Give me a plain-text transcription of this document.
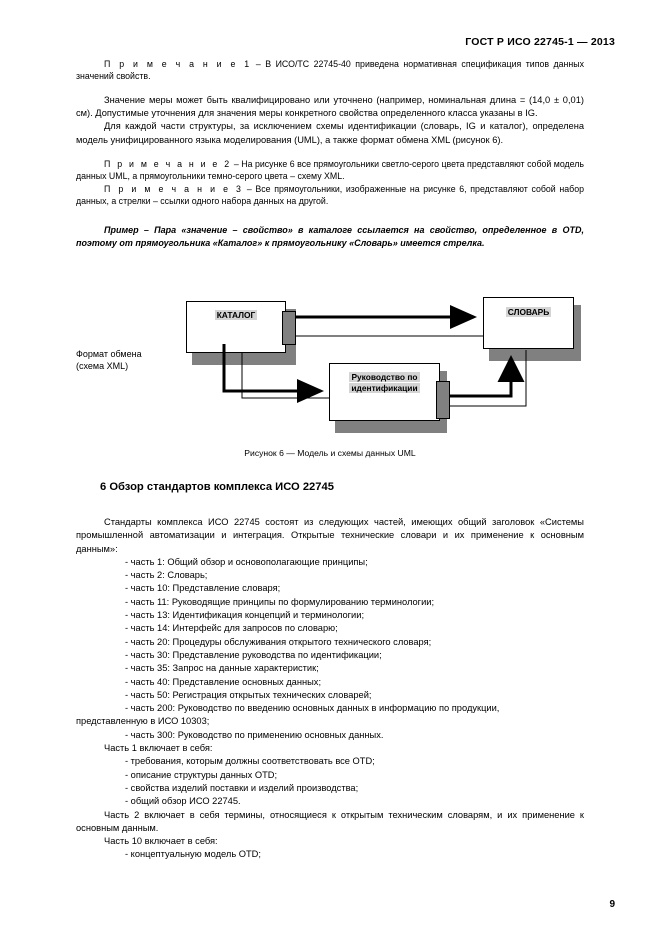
ГОСТ Р ИСО 22745-1 — 2013

П р и м е ч а н и е 1 – В ИСО/ТС 22745-40 приведена нормативная спецификация типов данных значений свойств.

Значение меры может быть квалифицировано или уточнено (например, номинальная длина = (14,0 ± 0,01) см). Допустимые уточнения для значения меры конкретного свойства определенного класса указаны в IG.

Для каждой части структуры, за исключением схемы идентификации (словарь, IG и каталог), определена модель унифицированного языка моделирования (UML), а также формат обмена XML (рисунок 6).

П р и м е ч а н и е 2 – На рисунке 6 все прямоугольники светло-серого цвета представляют собой модель данных UML, а прямоугольники темно-серого цвета – схему XML.

П р и м е ч а н и е 3 – Все прямоугольники, изображенные на рисунке 6, представляют собой набор данных, а стрелки – ссылки одного набора данных на другой.

Пример – Пара «значение – свойство» в каталоге ссылается на свойство, определенное в OTD, поэтому от прямоугольника «Каталог» к прямоугольнику «Словарь» имеется стрелка.

КАТАЛОГ	СЛОВАРЬ
Руководство по
идентификации
Формат обмена
(схема XML)
Рисунок 6 — Модель и схемы данных UML
6 Обзор стандартов комплекса ИСО 22745

Стандарты комплекса ИСО 22745 состоят из следующих частей, имеющих общий заголовок «Системы промышленной автоматизации и интеграция. Открытые технические словари и их применение к основным данным»:

- часть 1: Общий обзор и основополагающие принципы;
- часть 2: Словарь;
- часть 10: Представление словаря;
- часть 11: Руководящие принципы по формулированию терминологии;
- часть 13: Идентификация концепций и терминологии;
- часть 14: Интерфейс для запросов по словарю;
- часть 20: Процедуры обслуживания открытого технического словаря;
- часть 30: Представление руководства по идентификации;
- часть 35: Запрос на данные характеристик;
- часть 40: Представление основных данных;
- часть 50: Регистрация открытых технических словарей;
- часть 200: Руководство по введению основных данных в информацию по продукции,
представленную в ИСО 10303;
- часть 300: Руководство по применению основных данных.
Часть 1 включает в себя:
- требования, которым должны соответствовать все OTD;
- описание структуры данных OTD;
- свойства изделий поставки и изделий производства;
- общий обзор ИСО 22745.

Часть 2 включает в себя термины, относящиеся к открытым техническим словарям, и их применение к основным данным.

Часть 10 включает в себя:
- концептуальную модель OTD;
9
